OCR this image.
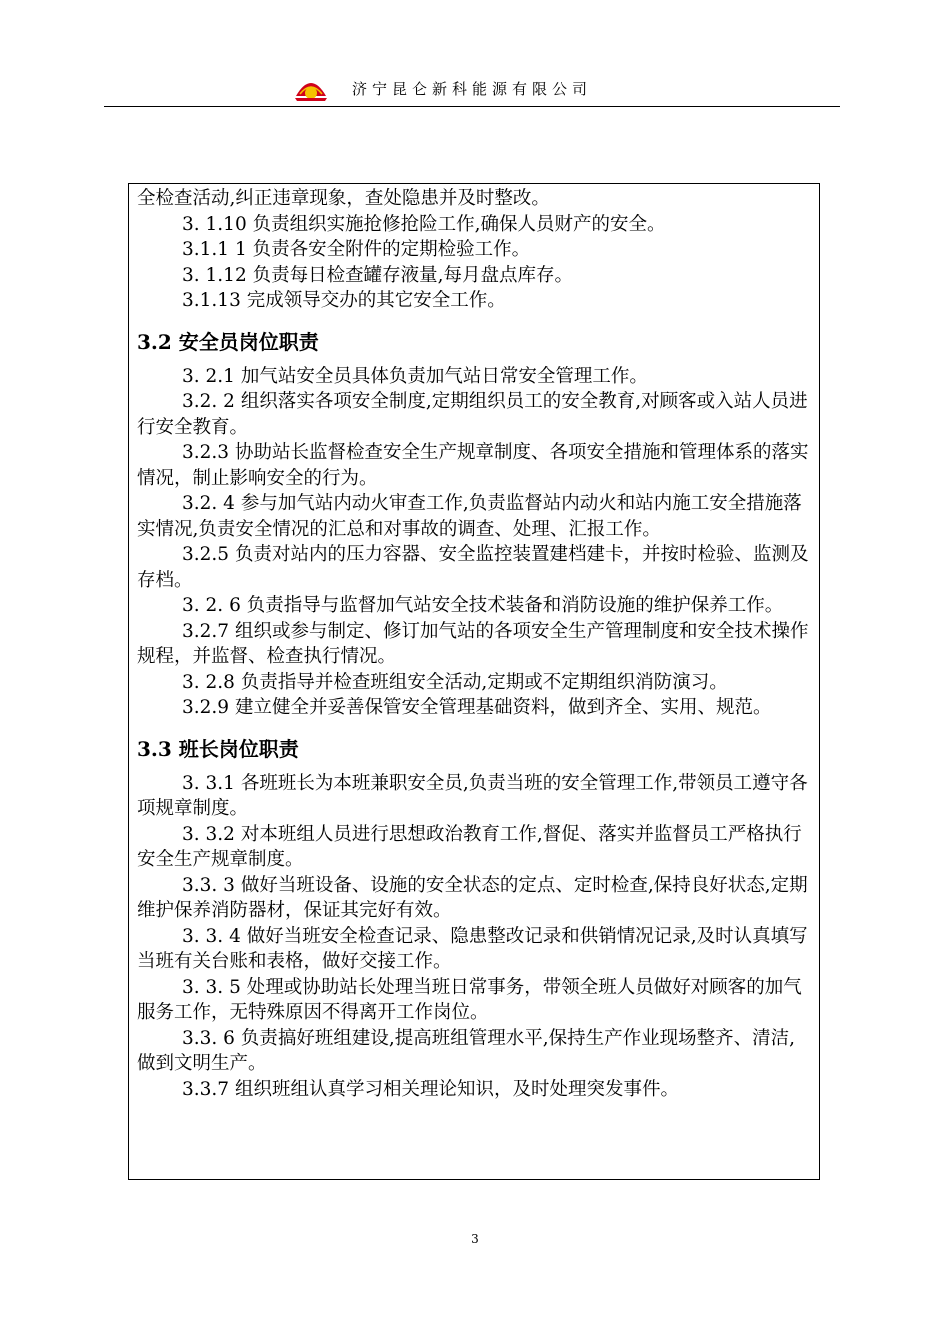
济宁昆仑新科能源有限公司

全检查活动,纠正违章现象，查处隐患并及时整改。

3. 1.10 负责组织实施抢修抢险工作,确保人员财产的安全。

3.1.1 1 负责各安全附件的定期检验工作。

3. 1.12 负责每日检查罐存液量,每月盘点库存。

3.1.13 完成领导交办的其它安全工作。

3.2 安全员岗位职责

3. 2.1 加气站安全员具体负责加气站日常安全管理工作。

3.2. 2 组织落实各项安全制度,定期组织员工的安全教育,对顾客或入站人员进行安全教育。

3.2.3 协助站长监督检查安全生产规章制度、各项安全措施和管理体系的落实情况，制止影响安全的行为。

3.2. 4 参与加气站内动火审查工作,负责监督站内动火和站内施工安全措施落实情况,负责安全情况的汇总和对事故的调查、处理、汇报工作。

3.2.5 负责对站内的压力容器、安全监控装置建档建卡，并按时检验、监测及存档。

3. 2. 6 负责指导与监督加气站安全技术装备和消防设施的维护保养工作。

3.2.7 组织或参与制定、修订加气站的各项安全生产管理制度和安全技术操作规程，并监督、检查执行情况。

3. 2.8 负责指导并检查班组安全活动,定期或不定期组织消防演习。

3.2.9 建立健全并妥善保管安全管理基础资料，做到齐全、实用、规范。

3.3 班长岗位职责

3. 3.1 各班班长为本班兼职安全员,负责当班的安全管理工作,带领员工遵守各项规章制度。

3. 3.2 对本班组人员进行思想政治教育工作,督促、落实并监督员工严格执行安全生产规章制度。

3.3. 3 做好当班设备、设施的安全状态的定点、定时检查,保持良好状态,定期维护保养消防器材，保证其完好有效。

3. 3. 4 做好当班安全检查记录、隐患整改记录和供销情况记录,及时认真填写当班有关台账和表格，做好交接工作。

3. 3. 5 处理或协助站长处理当班日常事务，带领全班人员做好对顾客的加气服务工作，无特殊原因不得离开工作岗位。

3.3. 6 负责搞好班组建设,提高班组管理水平,保持生产作业现场整齐、清洁,做到文明生产。

3.3.7 组织班组认真学习相关理论知识，及时处理突发事件。

3
